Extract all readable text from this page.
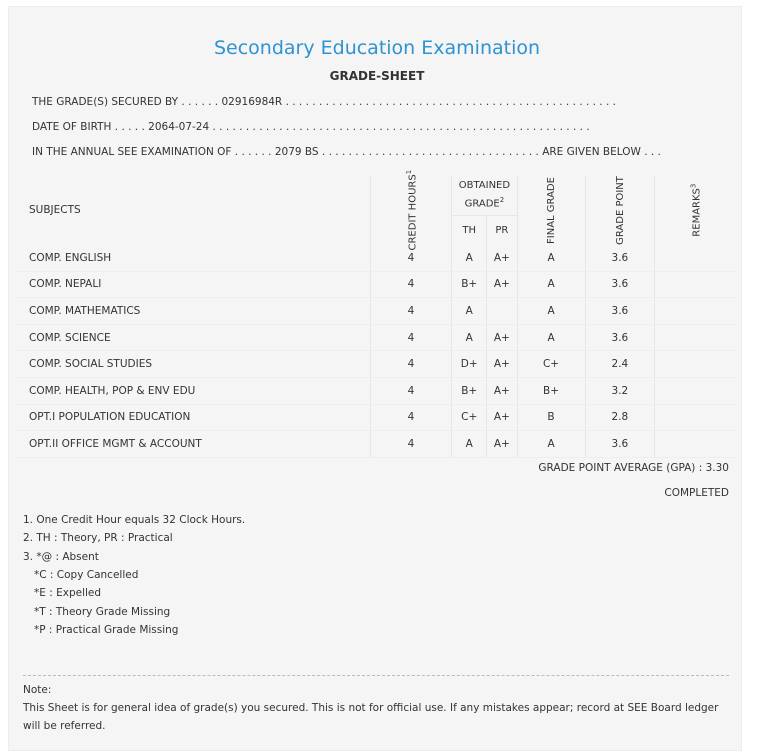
Secondary Education Examination
GRADE-SHEET
THE GRADE(S) SECURED BY . . . . . . 02916984R . . . . . . . . . . . . . . . . . . . . . . . . . . . . . . . . . . . . . . . . . . . . . . . . . .
DATE OF BIRTH . . . . . 2064-07-24 . . . . . . . . . . . . . . . . . . . . . . . . . . . . . . . . . . . . . . . . . . . . . . . . . . . . . . . . .
IN THE ANNUAL SEE EXAMINATION OF . . . . . . 2079 BS . . . . . . . . . . . . . . . . . . . . . . . . . . . . . . . . . ARE GIVEN BELOW . . .
SUBJECTS	CREDIT HOURS$^1$	OBTAINED GRADE$^2$		FINAL GRADE	GRADE POINT	REMARKS$^3$
		TH	PR			
COMP. ENGLISH	4	A	A+	A	3.6	
COMP. NEPALI	4	B+	A+	A	3.6	
COMP. MATHEMATICS	4	A		A	3.6	
COMP. SCIENCE	4	A	A+	A	3.6	
COMP. SOCIAL STUDIES	4	D+	A+	C+	2.4	
COMP. HEALTH, POP & ENV EDU	4	B+	A+	B+	3.2	
OPT.I POPULATION EDUCATION	4	C+	A+	B	2.8	
OPT.II OFFICE MGMT & ACCOUNT	4	A	A+	A	3.6	
GRADE POINT AVERAGE (GPA) : 3.30
COMPLETED
1. One Credit Hour equals 32 Clock Hours.
2. TH : Theory, PR : Practical
3. *@ : Absent
*C : Copy Cancelled
*E : Expelled
*T : Theory Grade Missing
*P : Practical Grade Missing
Note:
This Sheet is for general idea of grade(s) you secured. This is not for official use. If any mistakes appear; record at SEE Board ledger will be referred.
